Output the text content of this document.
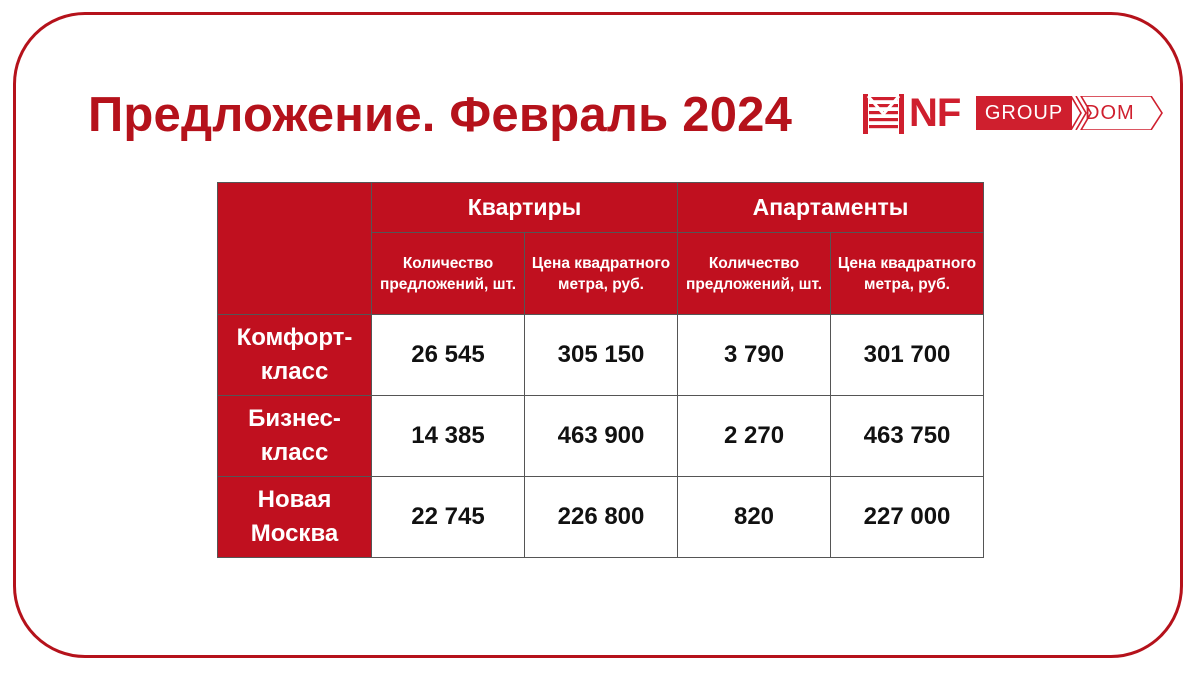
Предложение. Февраль 2024	NF	GROUP	DOM
	Квартиры		Апартаменты	
	Количество предложений, шт.	Цена квадратного метра, руб.	Количество предложений, шт.	Цена квадратного метра, руб.
Комфорт-класс	26 545	305 150	3 790	301 700
Бизнес-класс	14 385	463 900	2 270	463 750
Новая Москва	22 745	226 800	820	227 000
